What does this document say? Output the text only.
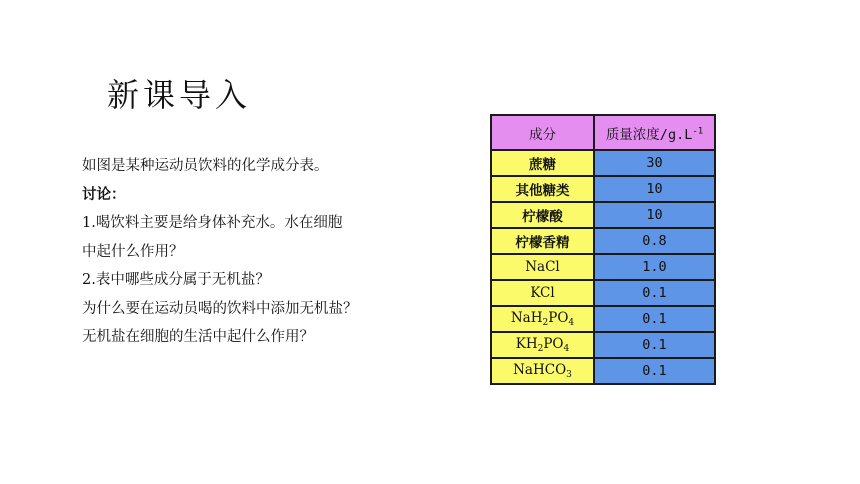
新课导入
如图是某种运动员饮料的化学成分表。
讨论：
1.喝饮料主要是给身体补充水。水在细胞
中起什么作用？
2.表中哪些成分属于无机盐？
为什么要在运动员喝的饮料中添加无机盐？
无机盐在细胞的生活中起什么作用？
成分	质量浓度$/g.L^{-1}$
蔗糖	30
其他糖类	10
柠檬酸	10
柠檬香精	0.8
NaCl	1.0
KCl	0.1
$NaH_2PO_4$	0.1
$KH_2PO_4$	0.1
NaHCO$_3$	0.1
